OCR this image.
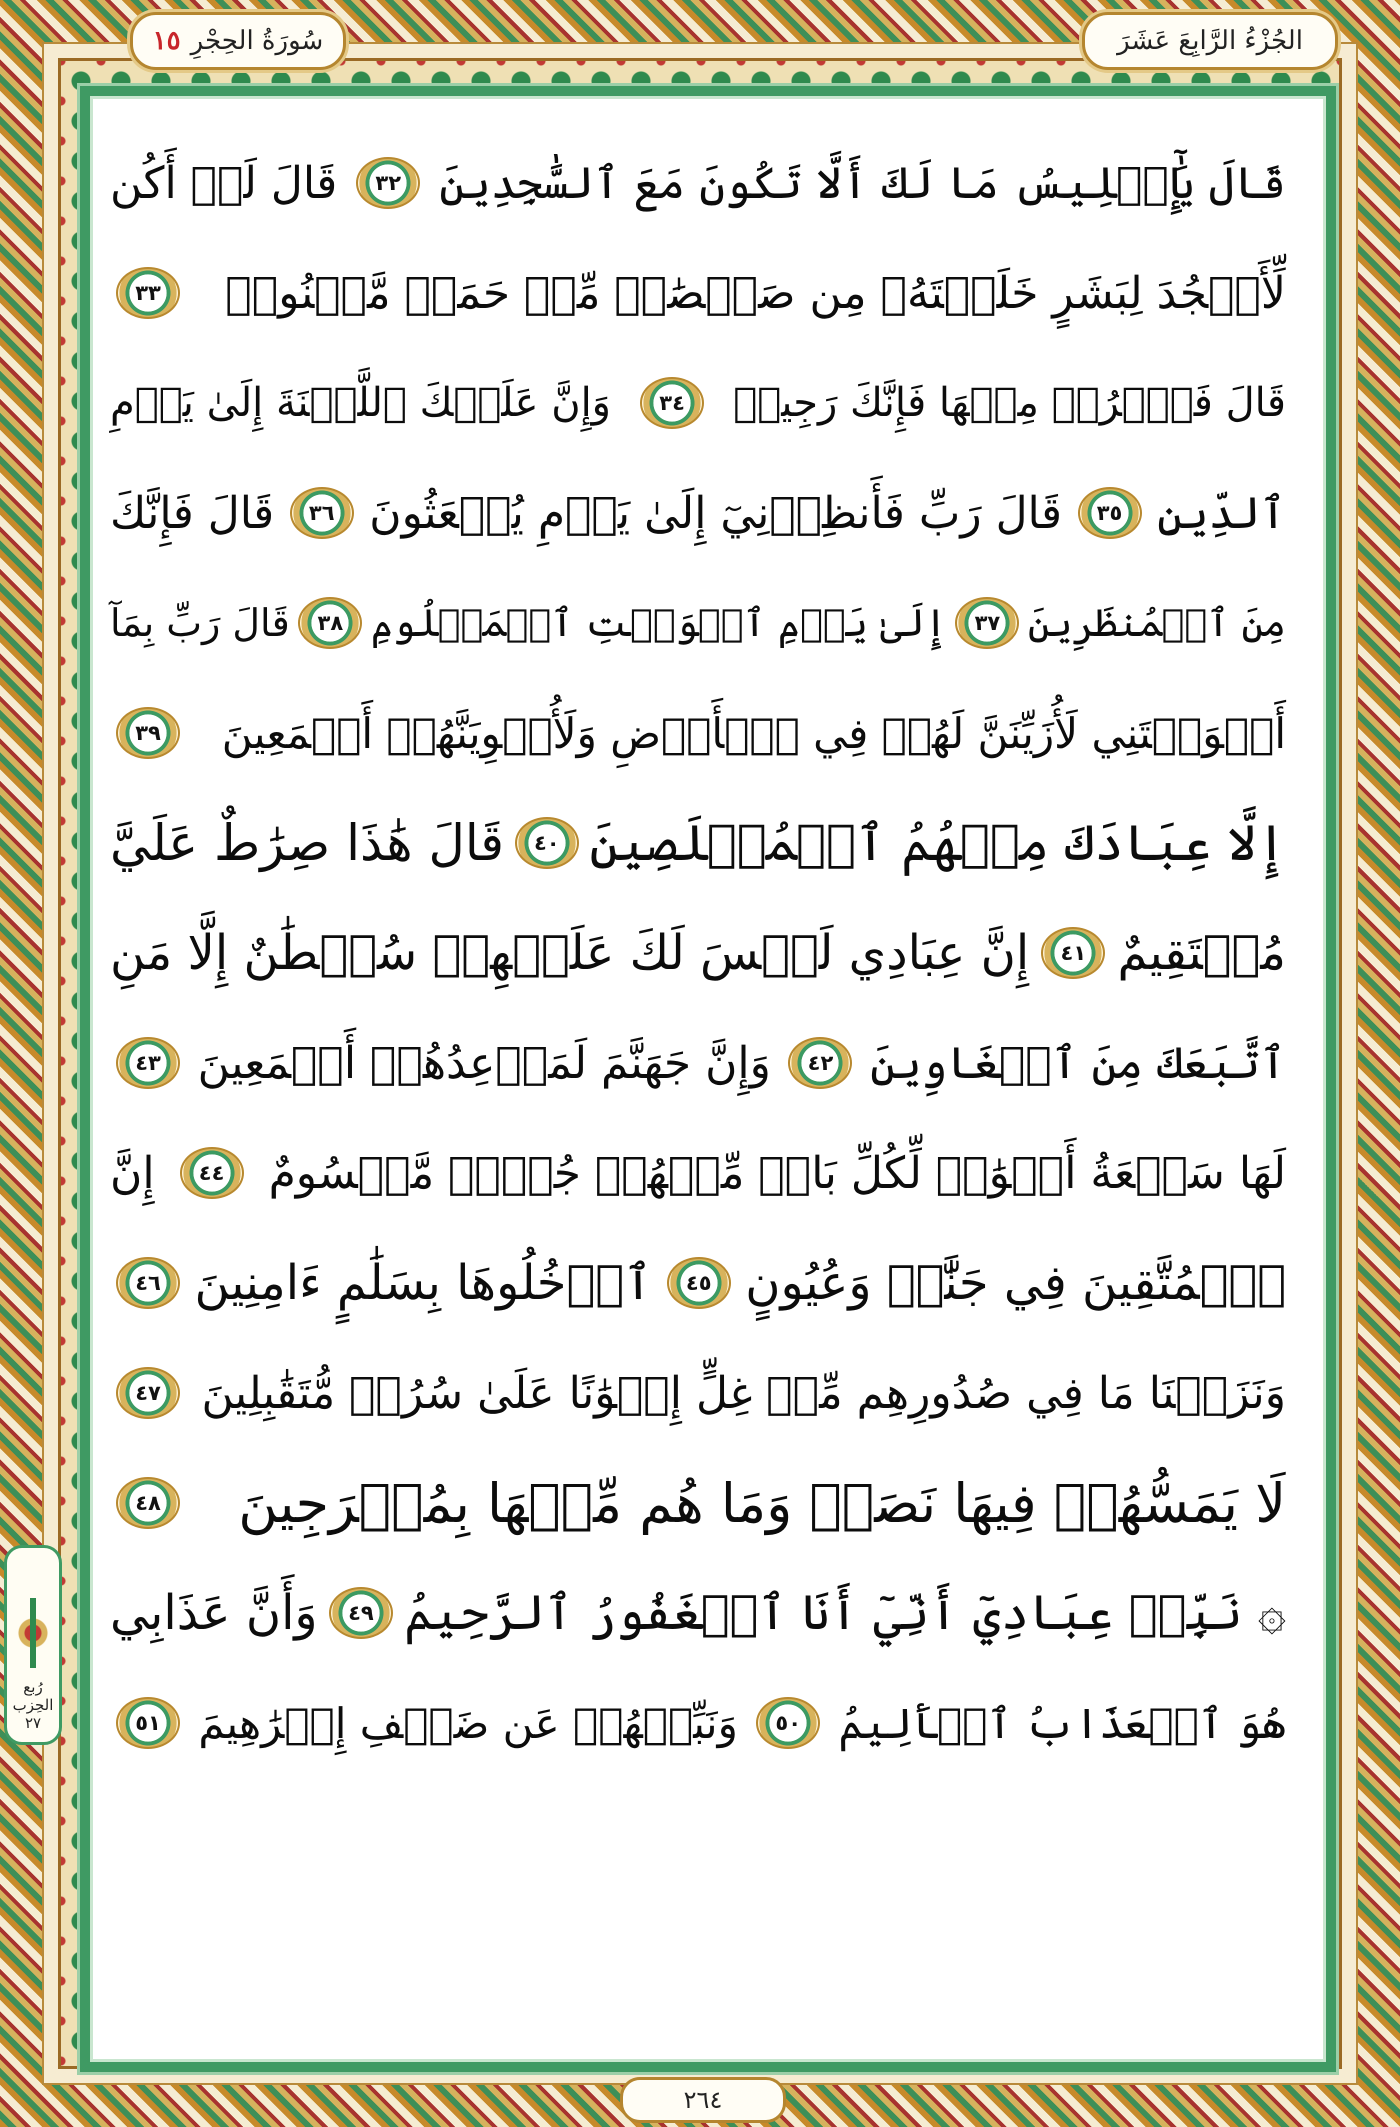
الجُزْءُ الرَّابِعَ عَشَرَ
سُورَةُ الحِجْرِ
١٥
قَالَ يَٰٓإِبۡلِيسُ مَا لَكَ أَلَّا تَكُونَ مَعَ ٱلسَّٰجِدِينَ
٣٢
قَالَ لَمۡ أَكُن
لِّأَسۡجُدَ لِبَشَرٍ خَلَقۡتَهُۥ مِن صَلۡصَٰلٖ مِّنۡ حَمَإٖ مَّسۡنُونٖ
٣٣
قَالَ فَٱخۡرُجۡ مِنۡهَا فَإِنَّكَ رَجِيمٞ
٣٤
وَإِنَّ عَلَيۡكَ ٱللَّعۡنَةَ إِلَىٰ يَوۡمِ
ٱلدِّينِ
٣٥
قَالَ رَبِّ فَأَنظِرۡنِيٓ إِلَىٰ يَوۡمِ يُبۡعَثُونَ
٣٦
قَالَ فَإِنَّكَ
مِنَ ٱلۡمُنظَرِينَ
٣٧
إِلَىٰ يَوۡمِ ٱلۡوَقۡتِ ٱلۡمَعۡلُومِ
٣٨
قَالَ رَبِّ بِمَآ
أَغۡوَيۡتَنِي لَأُزَيِّنَنَّ لَهُمۡ فِي ٱلۡأَرۡضِ وَلَأُغۡوِيَنَّهُمۡ أَجۡمَعِينَ
٣٩
إِلَّا عِبَادَكَ مِنۡهُمُ ٱلۡمُخۡلَصِينَ
٤٠
قَالَ هَٰذَا صِرَٰطٌ عَلَيَّ
مُسۡتَقِيمٌ
٤١
إِنَّ عِبَادِي لَيۡسَ لَكَ عَلَيۡهِمۡ سُلۡطَٰنٌ إِلَّا مَنِ
ٱتَّبَعَكَ مِنَ ٱلۡغَاوِينَ
٤٢
وَإِنَّ جَهَنَّمَ لَمَوۡعِدُهُمۡ أَجۡمَعِينَ
٤٣
لَهَا سَبۡعَةُ أَبۡوَٰبٖ لِّكُلِّ بَابٖ مِّنۡهُمۡ جُزۡءٞ مَّقۡسُومٌ
٤٤
إِنَّ
ٱلۡمُتَّقِينَ فِي جَنَّٰتٖ وَعُيُونٍ
٤٥
ٱدۡخُلُوهَا بِسَلَٰمٍ ءَامِنِينَ
٤٦
وَنَزَعۡنَا مَا فِي صُدُورِهِم مِّنۡ غِلٍّ إِخۡوَٰنًا عَلَىٰ سُرُرٖ مُّتَقَٰبِلِينَ
٤٧
لَا يَمَسُّهُمۡ فِيهَا نَصَبٞ وَمَا هُم مِّنۡهَا بِمُخۡرَجِينَ
٤٨
۞ نَبِّئۡ عِبَادِيٓ أَنِّيٓ أَنَا ٱلۡغَفُورُ ٱلرَّحِيمُ
٤٩
وَأَنَّ عَذَابِي
هُوَ ٱلۡعَذَابُ ٱلۡأَلِيمُ
٥٠
وَنَبِّئۡهُمۡ عَن ضَيۡفِ إِبۡرَٰهِيمَ
٥١
رُبع
الحِزب
٢٧
٢٦٤
